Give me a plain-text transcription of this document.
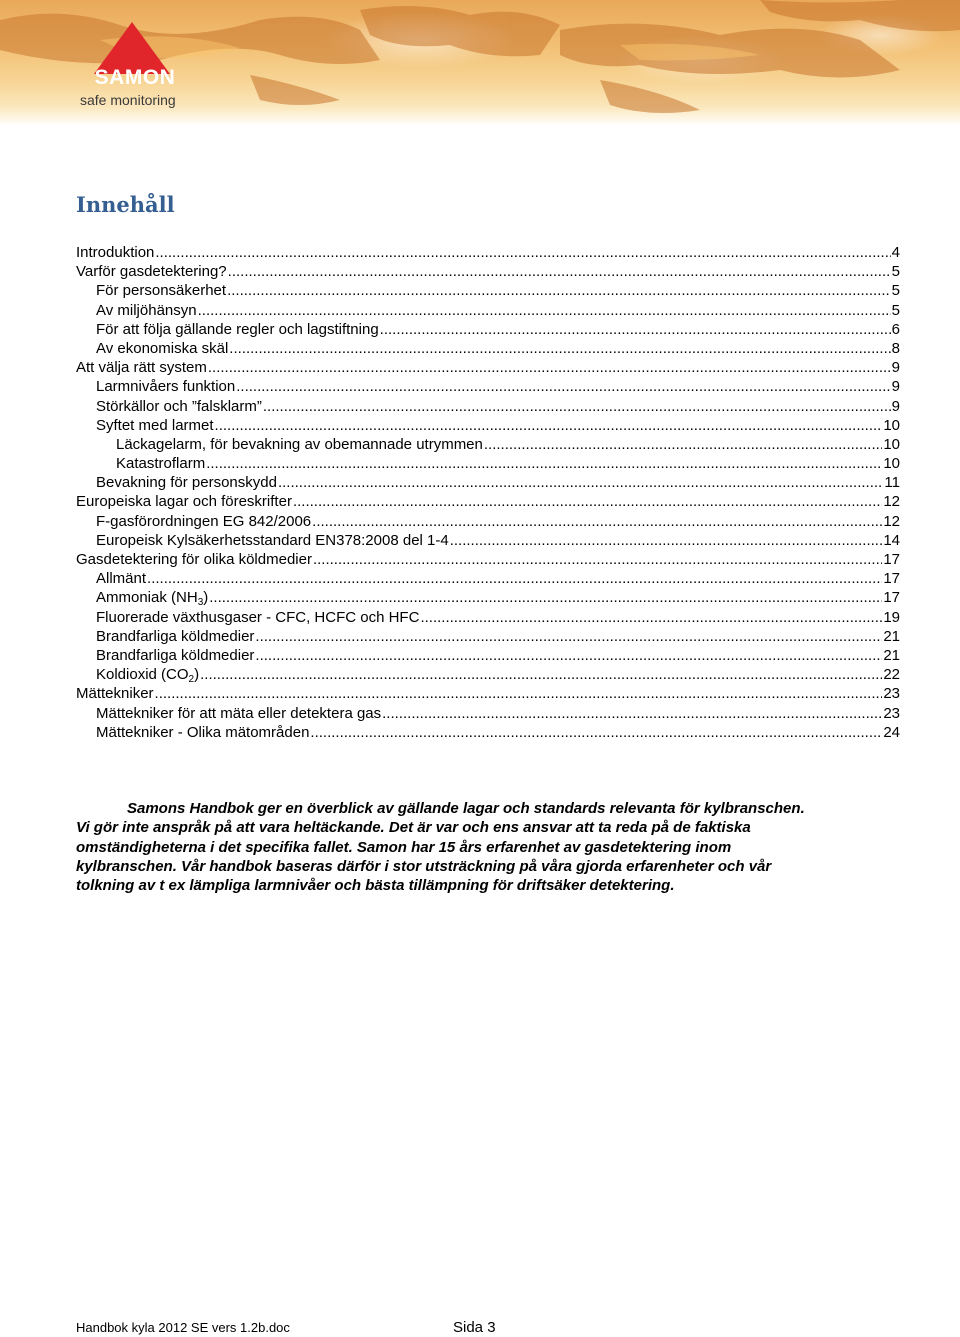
SAMON
safe monitoring
Innehåll
Introduktion .....	4
Varför gasdetektering? .....	5
För personsäkerhet .....	5
Av miljöhänsyn .....	5
För att följa gällande regler och lagstiftning .....	6
Av ekonomiska skäl .....	8
Att välja rätt system .....	9
Larmnivåers funktion .....	9
Störkällor och ”falsklarm” .....	9
Syftet med larmet .....	10
Läckagelarm, för bevakning av obemannade utrymmen .....	10
Katastroflarm .....	10
Bevakning för personskydd .....	11
Europeiska lagar och föreskrifter .....	12
F-gasförordningen EG 842/2006 .....	12
Europeisk Kylsäkerhetsstandard EN378:2008 del 1-4 .....	14
Gasdetektering för olika köldmedier .....	17
Allmänt .....	17
Ammoniak $(NH_3)$ .....	17
Fluorerade växthusgaser - CFC, HCFC och HFC .....	19
Brandfarliga köldmedier .....	21
Brandfarliga köldmedier .....	21
Koldioxid $(CO_2)$ .....	22
Mättekniker .....	23
Mättekniker för att mäta eller detektera gas .....	23
Mättekniker - Olika mätområden .....	24

Samons Handbok ger en överblick av gällande lagar och standards relevanta för kylbranschen.

Vi gör inte anspråk på att vara heltäckande. Det är var och ens ansvar att ta reda på de faktiska

omständigheterna i det specifika fallet. Samon har 15 års erfarenhet av gasdetektering inom

kylbranschen. Vår handbok baseras därför i stor utsträckning på våra gjorda erfarenheter och vår

tolkning av t ex lämpliga larmnivåer och bästa tillämpning för driftsäker detektering.

Handbok kyla 2012 SE vers 1.2b.doc	Sida 3
